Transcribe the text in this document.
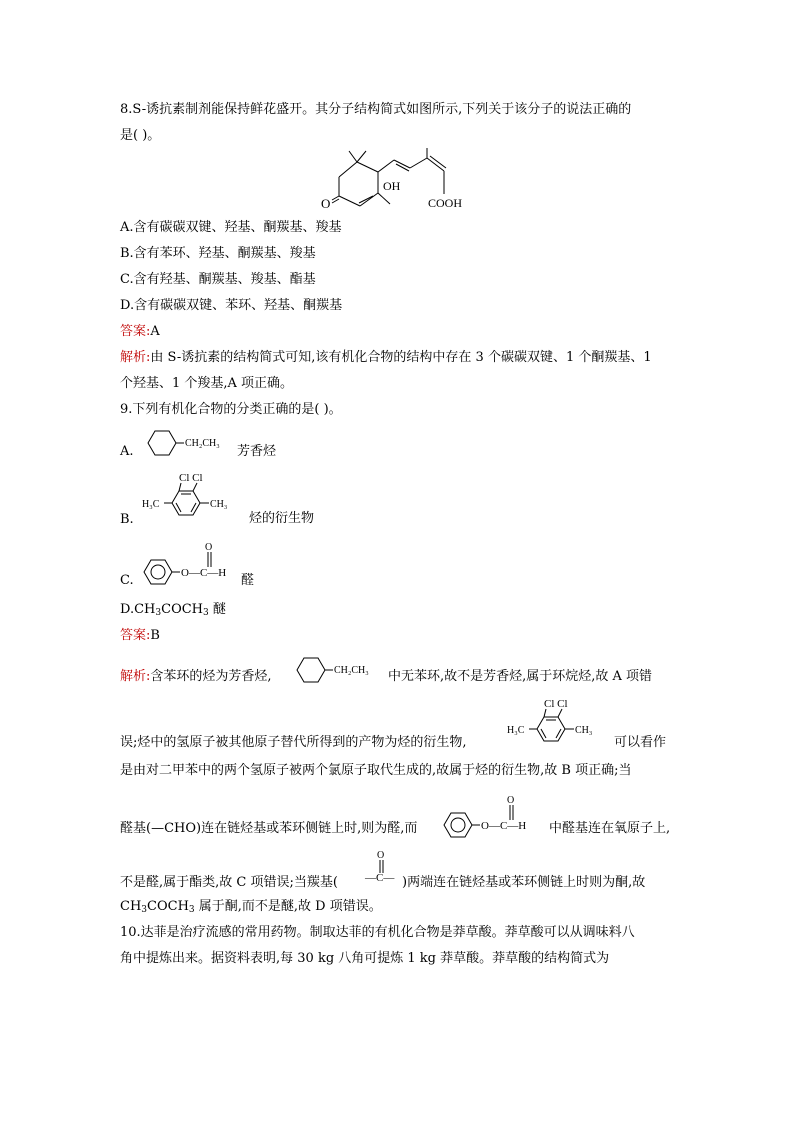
8.S-诱抗素制剂能保持鲜花盛开。其分子结构简式如图所示,下列关于该分子的说法正确的
是( )。
O
OH
COOH
A.含有碳碳双键、羟基、酮羰基、羧基
B.含有苯环、羟基、酮羰基、羧基
C.含有羟基、酮羰基、羧基、酯基
D.含有碳碳双键、苯环、羟基、酮羰基
答案:A
解析:由 S-诱抗素的结构简式可知,该有机化合物的结构中存在 3 个碳碳双键、1 个酮羰基、1
个羟基、1 个羧基,A 项正确。
9.下列有机化合物的分类正确的是( )。
A.
CH₂CH₃
芳香烃
B.
Cl Cl
H₃C	CH₃
烃的衍生物
C.
O
O—C—H 醛
$D.CH_3COCH_3$ 醚
答案:B
解析:含苯环的烃为芳香烃,	CH₂CH₃ 中无苯环,故不是芳香烃,属于环烷烃,故 A 项错
误;烃中的氢原子被其他原子替代所得到的产物为烃的衍生物,
Cl Cl
H₃C	CH₃
可以看作
是由对二甲苯中的两个氢原子被两个氯原子取代生成的,故属于烃的衍生物,故 B 项正确;当
醛基(—CHO)连在链烃基或苯环侧链上时,则为醛,而
O
O—C—H 中醛基连在氧原子上,
不是醛,属于酯类,故 C 项错误;当羰基(
O
—C— )两端连在链烃基或苯环侧链上时则为酮,故
$CH_3COCH_3$ 属于酮,而不是醚,故 D 项错误。
10.达菲是治疗流感的常用药物。制取达菲的有机化合物是莽草酸。莽草酸可以从调味料八
角中提炼出来。据资料表明,每 30 kg 八角可提炼 1 kg 莽草酸。莽草酸的结构简式为
